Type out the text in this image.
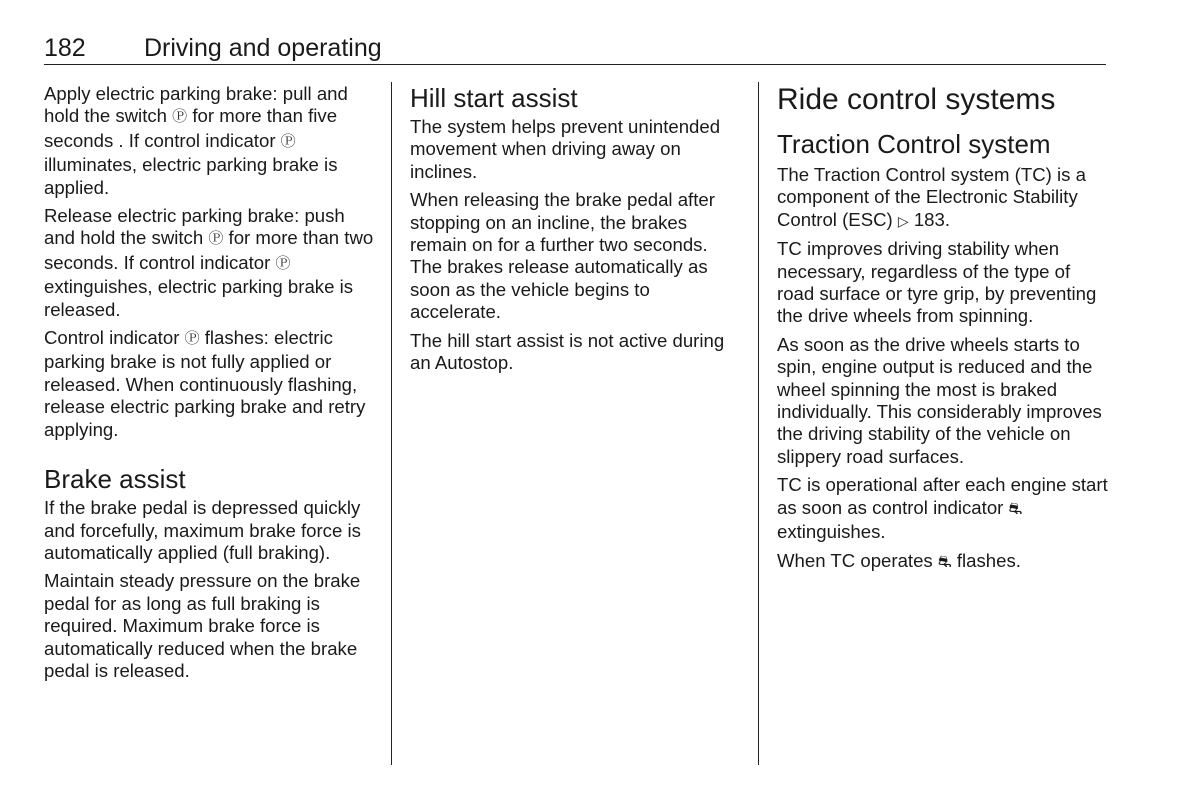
182 Driving and operating

Apply electric parking brake: pull and hold the switch Ⓟ for more than five seconds . If control indicator Ⓟ illuminates, electric parking brake is applied.

Release electric parking brake: push and hold the switch Ⓟ for more than two seconds. If control indicator Ⓟ extinguishes, electric parking brake is released.

Control indicator Ⓟ flashes: electric parking brake is not fully applied or released. When continuously flashing, release electric parking brake and retry applying.

Brake assist

If the brake pedal is depressed quickly and forcefully, maximum brake force is automatically applied (full braking).

Maintain steady pressure on the brake pedal for as long as full braking is required. Maximum brake force is automatically reduced when the brake pedal is released.

Hill start assist

The system helps prevent unintended movement when driving away on inclines.

When releasing the brake pedal after stopping on an incline, the brakes remain on for a further two seconds. The brakes release automatically as soon as the vehicle begins to accelerate.

The hill start assist is not active during an Autostop.

Ride control systems
Traction Control system

The Traction Control system (TC) is a component of the Electronic Stability Control (ESC) ▷ 183.

TC improves driving stability when necessary, regardless of the type of road surface or tyre grip, by preventing the drive wheels from spinning.

As soon as the drive wheels starts to spin, engine output is reduced and the wheel spinning the most is braked individually. This considerably improves the driving stability of the vehicle on slippery road surfaces.

TC is operational after each engine start as soon as control indicator ⛐ extinguishes.

When TC operates ⛐ flashes.
